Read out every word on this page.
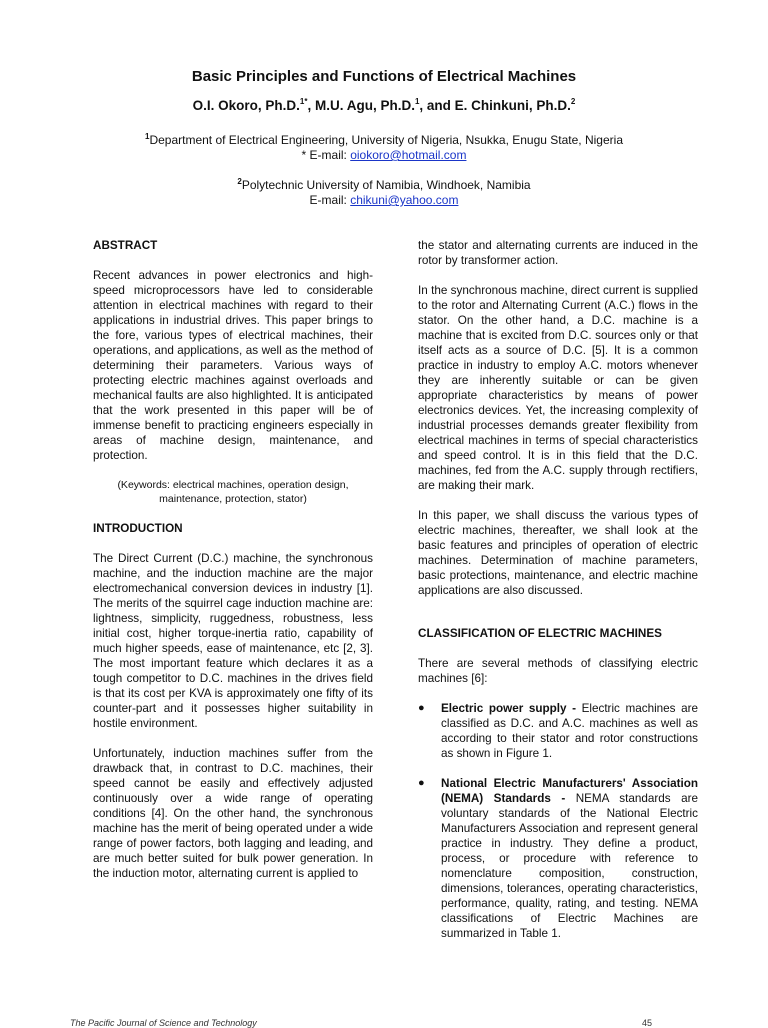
Basic Principles and Functions of Electrical Machines
O.I. Okoro, Ph.D.$^{1*}$, M.U. Agu, Ph.D.$^1$, and E. Chinkuni, Ph.D.$^2$
$^1$Department of Electrical Engineering, University of Nigeria, Nsukka, Enugu State, Nigeria
* E-mail: oiokoro@hotmail.com
$^2$Polytechnic University of Namibia, Windhoek, Namibia
E-mail: chikuni@yahoo.com
ABSTRACT

Recent advances in power electronics and high-speed microprocessors have led to considerable attention in electrical machines with regard to their applications in industrial drives. This paper brings to the fore, various types of electrical machines, their operations, and applications, as well as the method of determining their parameters. Various ways of protecting electric machines against overloads and mechanical faults are also highlighted. It is anticipated that the work presented in this paper will be of immense benefit to practicing engineers especially in areas of machine design, maintenance, and protection.

(Keywords: electrical machines, operation design, maintenance, protection, stator)

INTRODUCTION

The Direct Current (D.C.) machine, the synchronous machine, and the induction machine are the major electromechanical conversion devices in industry [1]. The merits of the squirrel cage induction machine are: lightness, simplicity, ruggedness, robustness, less initial cost, higher torque-inertia ratio, capability of much higher speeds, ease of maintenance, etc [2, 3]. The most important feature which declares it as a tough competitor to D.C. machines in the drives field is that its cost per KVA is approximately one fifty of its counter-part and it possesses higher suitability in hostile environment.

Unfortunately, induction machines suffer from the drawback that, in contrast to D.C. machines, their speed cannot be easily and effectively adjusted continuously over a wide range of operating conditions [4]. On the other hand, the synchronous machine has the merit of being operated under a wide range of power factors, both lagging and leading, and are much better suited for bulk power generation. In the induction motor, alternating current is applied to

the stator and alternating currents are induced in the rotor by transformer action.

In the synchronous machine, direct current is supplied to the rotor and Alternating Current (A.C.) flows in the stator. On the other hand, a D.C. machine is a machine that is excited from D.C. sources only or that itself acts as a source of D.C. [5]. It is a common practice in industry to employ A.C. motors whenever they are inherently suitable or can be given appropriate characteristics by means of power electronics devices. Yet, the increasing complexity of industrial processes demands greater flexibility from electrical machines in terms of special characteristics and speed control. It is in this field that the D.C. machines, fed from the A.C. supply through rectifiers, are making their mark.

In this paper, we shall discuss the various types of electric machines, thereafter, we shall look at the basic features and principles of operation of electric machines. Determination of machine parameters, basic protections, maintenance, and electric machine applications are also discussed.

CLASSIFICATION OF ELECTRIC MACHINES

There are several methods of classifying electric machines [6]:

● Electric power supply - Electric machines are classified as D.C. and A.C. machines as well as according to their stator and rotor constructions as shown in Figure 1.
● National Electric Manufacturers' Association (NEMA) Standards - NEMA standards are voluntary standards of the National Electric Manufacturers Association and represent general practice in industry. They define a product, process, or procedure with reference to nomenclature composition, construction, dimensions, tolerances, operating characteristics, performance, quality, rating, and testing. NEMA classifications of Electric Machines are summarized in Table 1.
The Pacific Journal of Science and Technology	45
